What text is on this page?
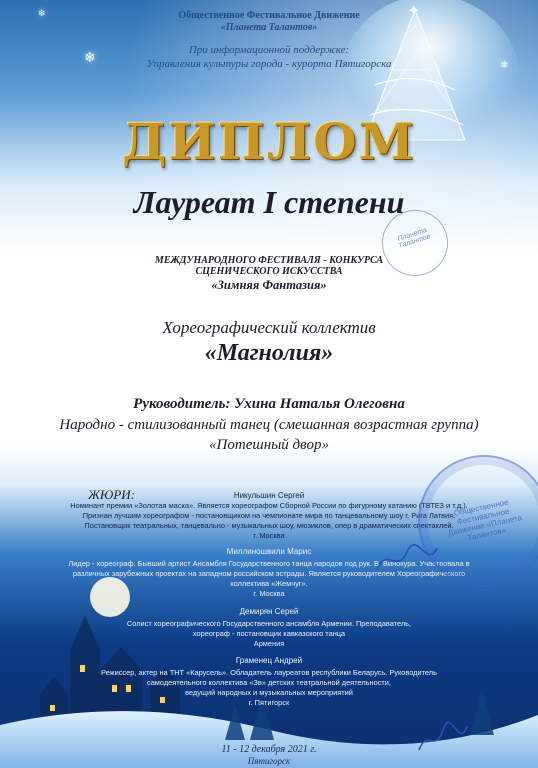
✦
❄
❄
❄
Общественное Фестивальное Движение
«Планета Талантов»
При информационной поддержке:
Управления культуры города - курорта Пятигорска
ДИПЛОМ
Лауреат I степени
МЕЖДУНАРОДНОГО ФЕСТИВАЛЯ - КОНКУРСА
СЦЕНИЧЕСКОГО ИСКУССТВА
«Зимняя Фантазия»
Планета Талантов
Хореографический коллектив
«Магнолия»
Руководитель: Ухина Наталья Олеговна
Народно - стилизованный танец (смешанная возрастная группа)
«Потешный двор»
ЖЮРИ:	Никульшин Сергей
Номинант премии «Золотая маска». Является хореографом Сборной России по фигурному катанию (ТВТЕЗ и т.д.).
Признан лучшим хореографом - постановщиком на чемпионате мира по танцевальному шоу г. Рига Латвия.
Постановщик театральных, танцевально - музыкальных шоу, мюзиклов, опер в драматических спектаклей.
г. Москва
Миллиношвили Марис
Лидер - хореограф. Бывший артист Ансамбля Государственного танца народов под рук. В. Винокура. Участвовала в
различных зарубежных проектах на западном российском эстрады. Является руководителем Хореографического
коллектива «Жемчуг».
г. Москва
Демирян Серей
Солист хореографического Государственного ансамбля Армении. Преподаватель,
хореограф - постановщик кавказского танца
Армения
Граменец Андрей
Режиссер, актер на ТНТ «Карусель». Обладатель лауреатов республики Беларусь. Руководитель
самодеятельного коллектива «Зв» детских театральной деятельности,
ведущий народных и музыкальных мероприятий
г. Пятигорск
Общественное Фестивальное Движение «Планета Талантов»
11 - 12 декабря 2021 г.
Пятигорск
